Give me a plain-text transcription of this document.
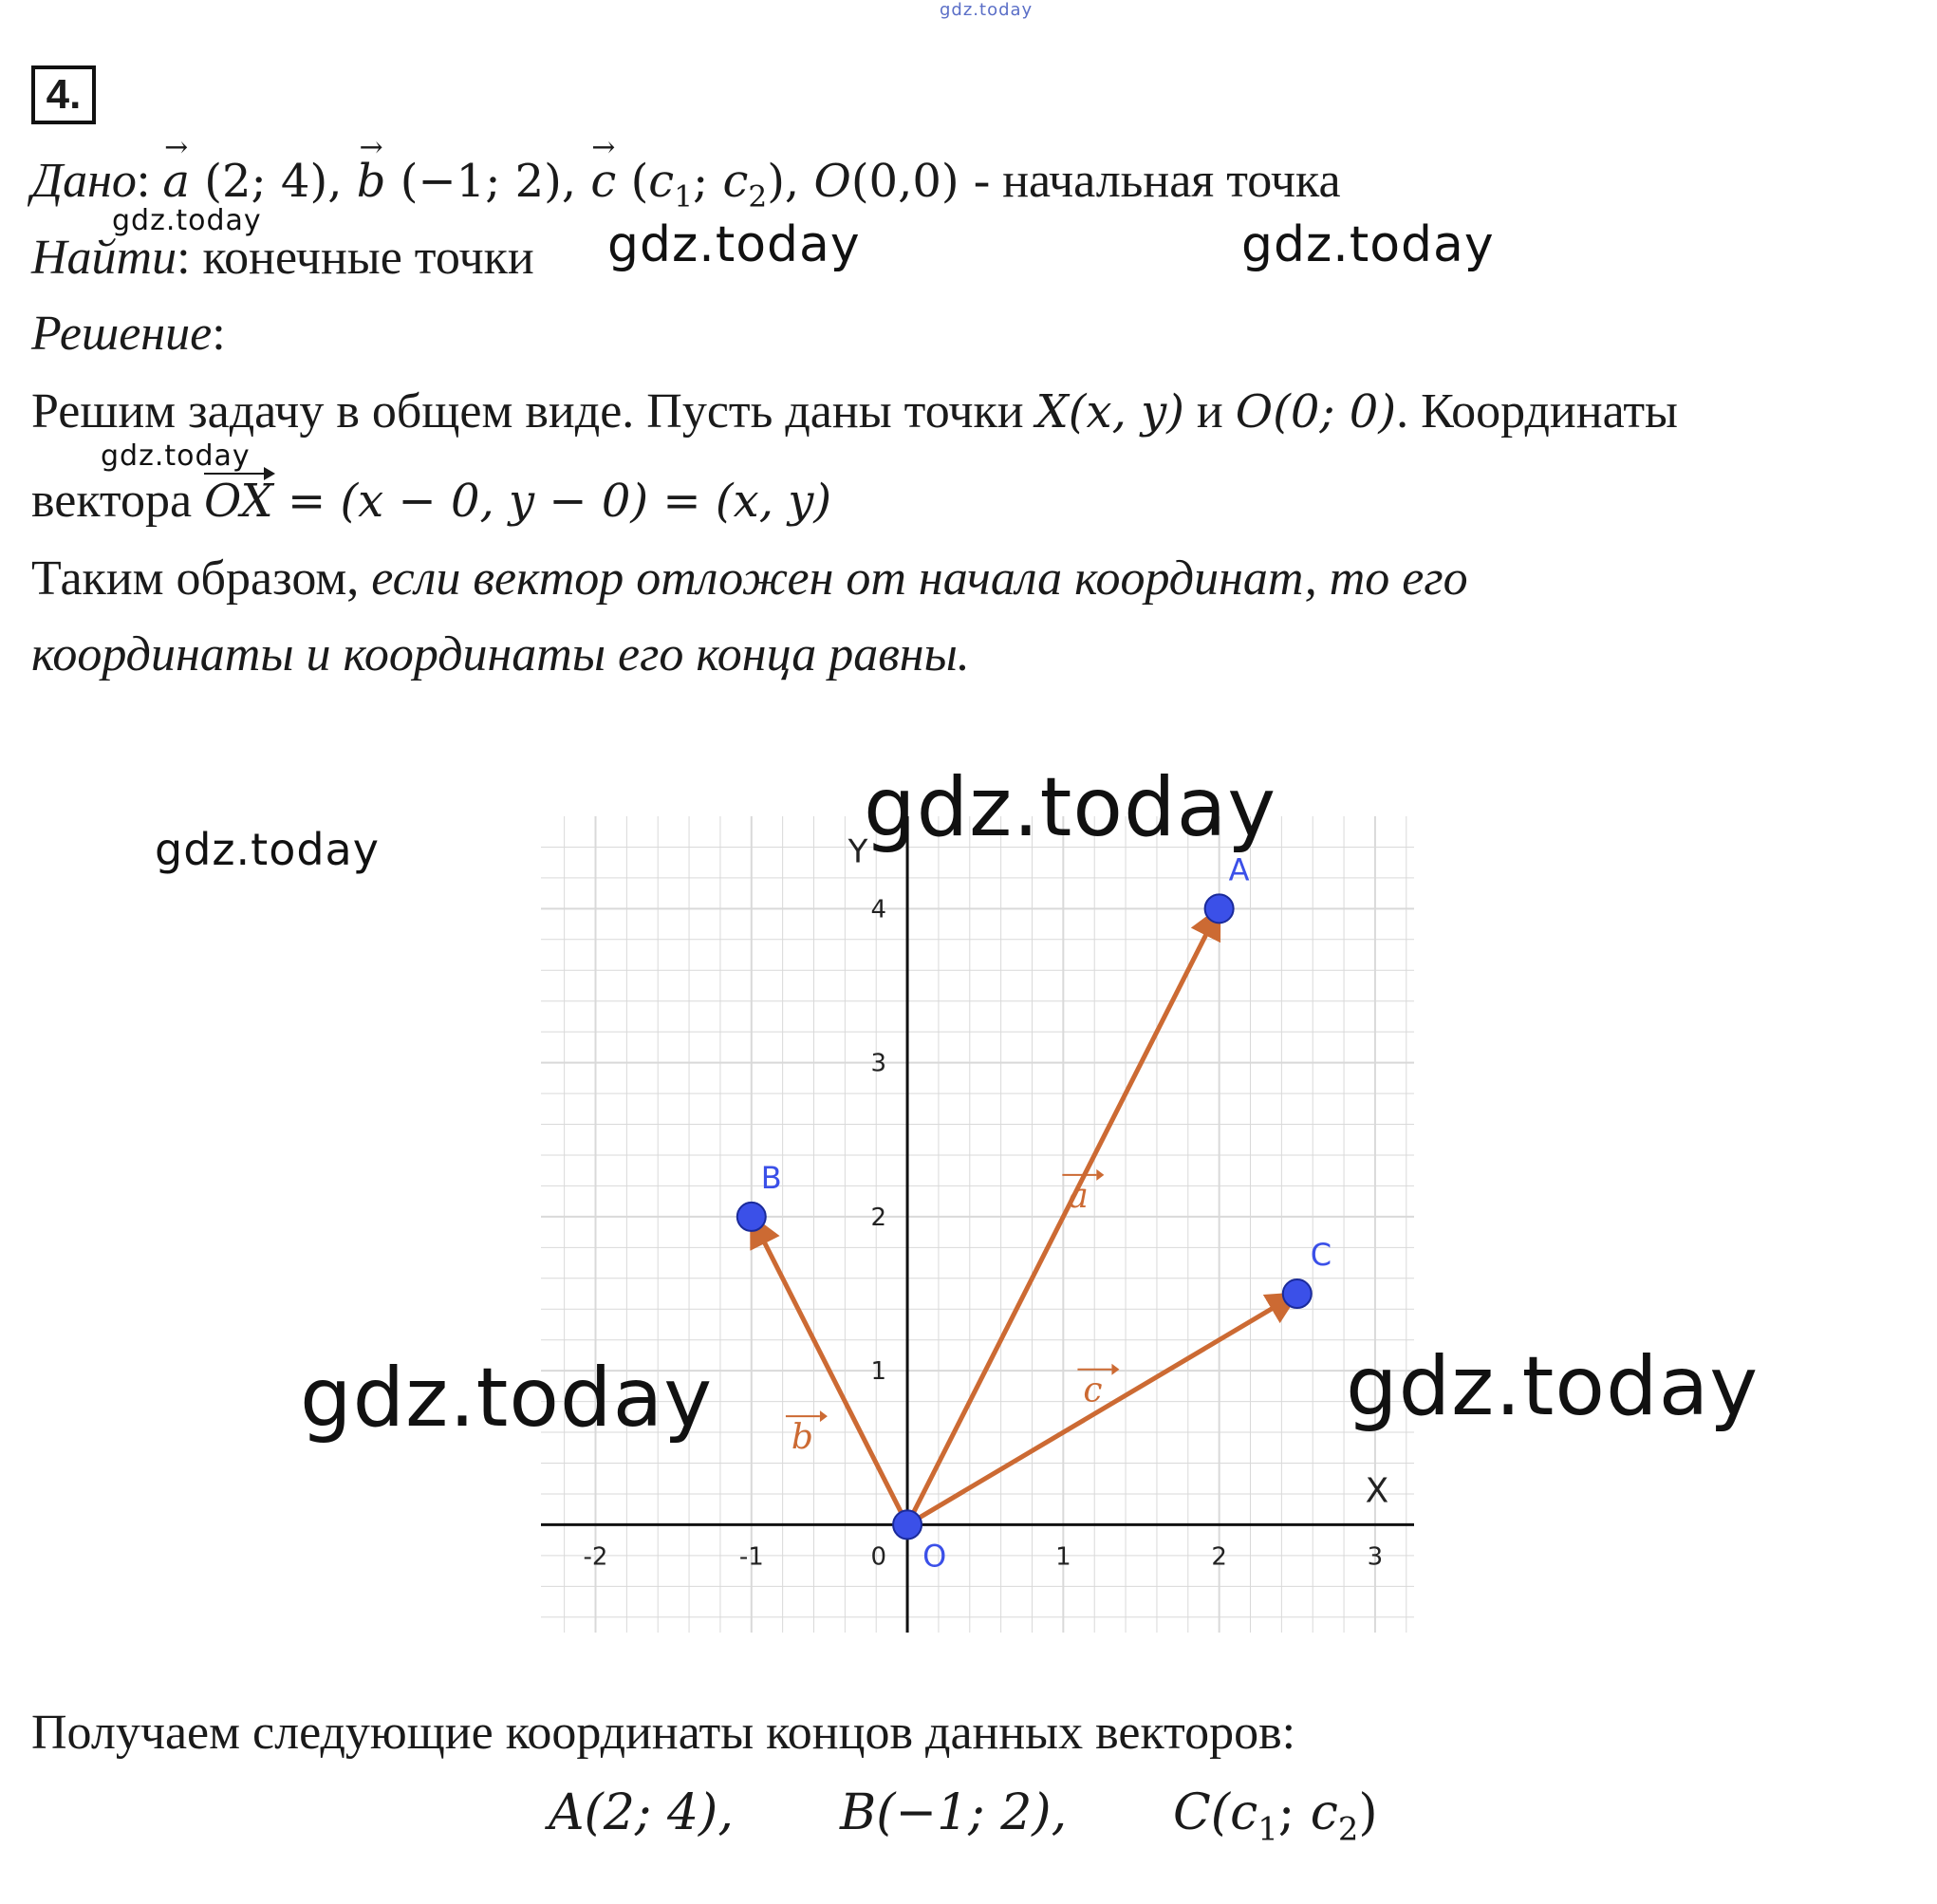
gdz.today
4.
Дано: → a (2; 4), → b (−1; 2), → c ($c_1$; $c_2$), O(0,0) - начальная точка
gdz.today
Найти: конечные точки gdz.today	gdz.today
Решение:
Решим задачу в общем виде. Пусть даны точки X(x, y) и O(0; 0). Координаты
gdz.today
вектора OX = (x − 0, y − 0) = (x, y)
Таким образом, если вектор отложен от начала координат, то его
координаты и координаты его конца равны.
gdz.today
-2	-1	1	2	3
1
2
3
4
0
X
Y
a
b
c
O
A
B
C
gdz.today
gdz.today	gdz.today
Получаем следующие координаты концов данных векторов:
A(2; 4), B(−1; 2), $C(c_1$; $c_2$)
